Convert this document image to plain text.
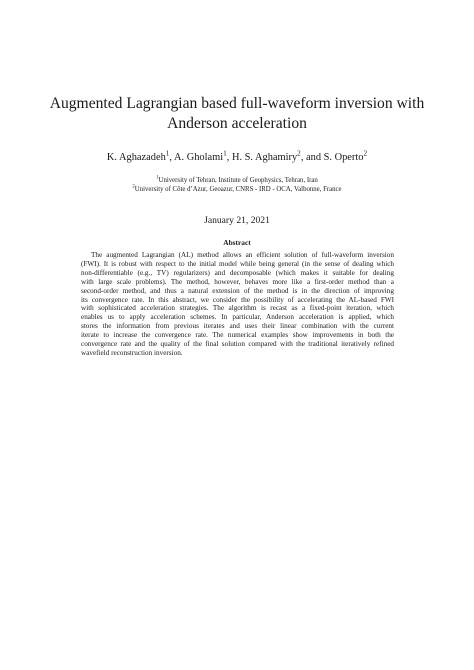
Augmented Lagrangian based full-waveform inversion with
Anderson acceleration
K. Aghazadeh$^1$, A. Gholami$^1$, H. S. Aghamiry$^2$, and S. Operto$^2$
$^1$University of Tehran, Institute of Geophysics, Tehran, Iran
$^2$University of Côte d’Azur, Geoazur, CNRS - IRD - OCA, Valbonne, France
January 21, 2021
Abstract
The augmented Lagrangian (AL) method allows an efficient solution of full-waveform inversion
(FWI). It is robust with respect to the initial model while being general (in the sense of dealing which
non-differentiable (e.g., TV) regularizers) and decomposable (which makes it suitable for dealing
with large scale problems). The method, however, behaves more like a first-order method than a
second-order method, and thus a natural extension of the method is in the direction of improving
its convergence rate. In this abstract, we consider the possibility of accelerating the AL-based FWI
with sophisticated acceleration strategies. The algorithm is recast as a fixed-point iteration, which
enables us to apply acceleration schemes. In particular, Anderson acceleration is applied, which
stores the information from previous iterates and uses their linear combination with the current
iterate to increase the convergence rate. The numerical examples show improvements in both the
convergence rate and the quality of the final solution compared with the traditional iteratively refined
wavefield reconstruction inversion.
